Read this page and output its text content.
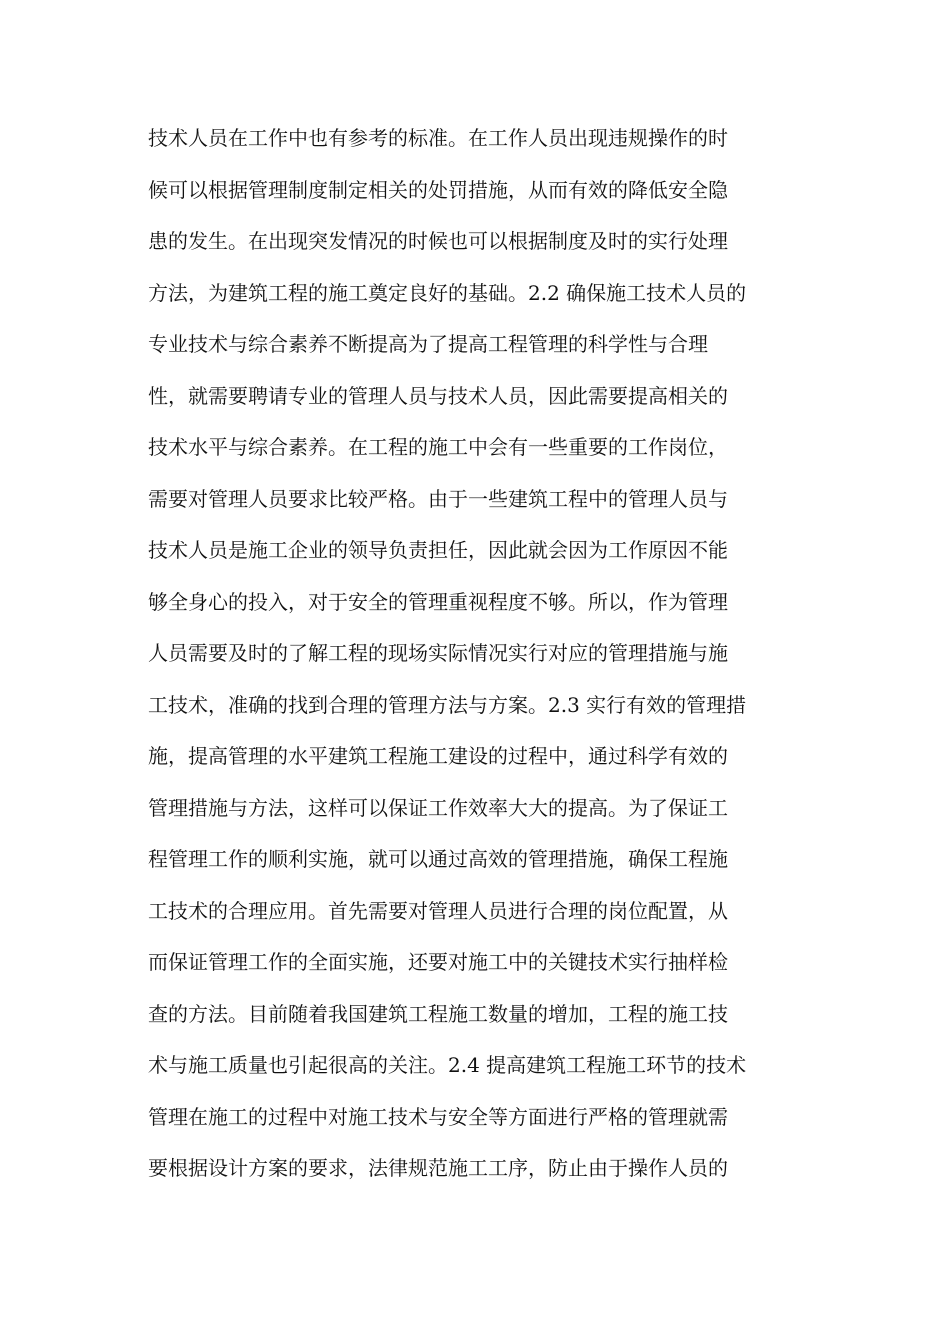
技术人员在工作中也有参考的标准。在工作人员出现违规操作的时
候可以根据管理制度制定相关的处罚措施，从而有效的降低安全隐
患的发生。在出现突发情况的时候也可以根据制度及时的实行处理
方法，为建筑工程的施工奠定良好的基础。2.2 确保施工技术人员的
专业技术与综合素养不断提高为了提高工程管理的科学性与合理
性，就需要聘请专业的管理人员与技术人员，因此需要提高相关的
技术水平与综合素养。在工程的施工中会有一些重要的工作岗位，
需要对管理人员要求比较严格。由于一些建筑工程中的管理人员与
技术人员是施工企业的领导负责担任，因此就会因为工作原因不能
够全身心的投入，对于安全的管理重视程度不够。所以，作为管理
人员需要及时的了解工程的现场实际情况实行对应的管理措施与施
工技术，准确的找到合理的管理方法与方案。2.3 实行有效的管理措
施，提高管理的水平建筑工程施工建设的过程中，通过科学有效的
管理措施与方法，这样可以保证工作效率大大的提高。为了保证工
程管理工作的顺利实施，就可以通过高效的管理措施，确保工程施
工技术的合理应用。首先需要对管理人员进行合理的岗位配置，从
而保证管理工作的全面实施，还要对施工中的关键技术实行抽样检
查的方法。目前随着我国建筑工程施工数量的增加，工程的施工技
术与施工质量也引起很高的关注。2.4 提高建筑工程施工环节的技术
管理在施工的过程中对施工技术与安全等方面进行严格的管理就需
要根据设计方案的要求，法律规范施工工序，防止由于操作人员的
